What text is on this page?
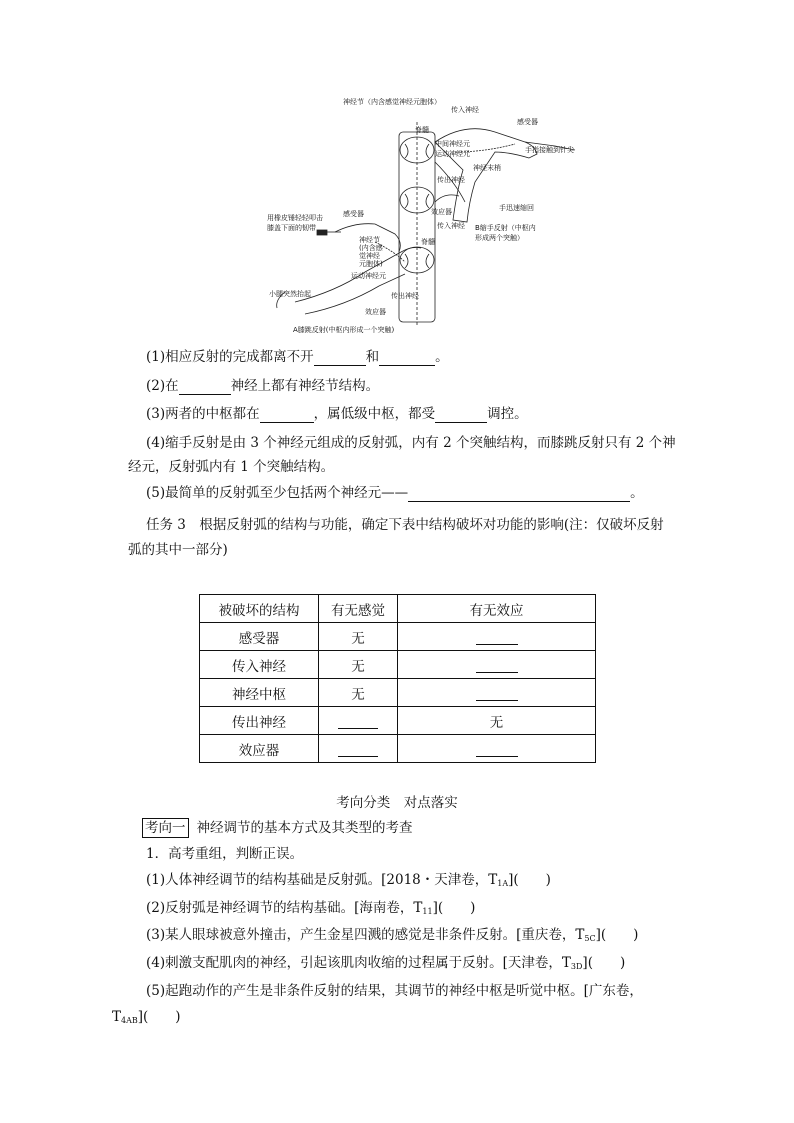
神经节（内含感觉神经元胞体）
传入神经
感受器
脊髓
中间神经元
运动神经元	手指接触到针尖
神经末梢
传出神经
效应器	手迅速缩回
传入神经 B缩手反射（中枢内
形成两个突触）
用橡皮锤轻轻叩击
膝盖下面的韧带
感受器
神经节
(内含感
觉神经
元胞体)
脊髓
运动神经元
小腿突然抬起	传出神经
效应器
A膝跳反射(中枢内形成一个突触)
(1)相应反射的完成都离不开	和	。
(2)在	神经上都有神经节结构。
(3)两者的中枢都在	，属低级中枢，都受	调控。
(4)缩手反射是由 3 个神经元组成的反射弧，内有 2 个突触结构，而膝跳反射只有 2 个神
经元，反射弧内有 1 个突触结构。
(5)最简单的反射弧至少包括两个神经元——	。
任务 3　根据反射弧的结构与功能，确定下表中结构破坏对功能的影响(注：仅破坏反射
弧的其中一部分)
被破坏的结构	有无感觉	有无效应
感受器	无	
传入神经	无	
神经中枢	无	
传出神经		无
效应器		
考向分类　对点落实
考向一 神经调节的基本方式及其类型的考查
1．高考重组，判断正误。
(1)人体神经调节的结构基础是反射弧。[2018・天津卷，$T_{1A}$](　　)
(2)反射弧是神经调节的结构基础。[海南卷，$T_{11}$](　　)
(3)某人眼球被意外撞击，产生金星四溅的感觉是非条件反射。[重庆卷，$T_{5C}$](　　)
(4)刺激支配肌肉的神经，引起该肌肉收缩的过程属于反射。[天津卷，$T_{3D}$](　　)
(5)起跑动作的产生是非条件反射的结果，其调节的神经中枢是听觉中枢。[广东卷，
$T_{4AB}$](　　)
